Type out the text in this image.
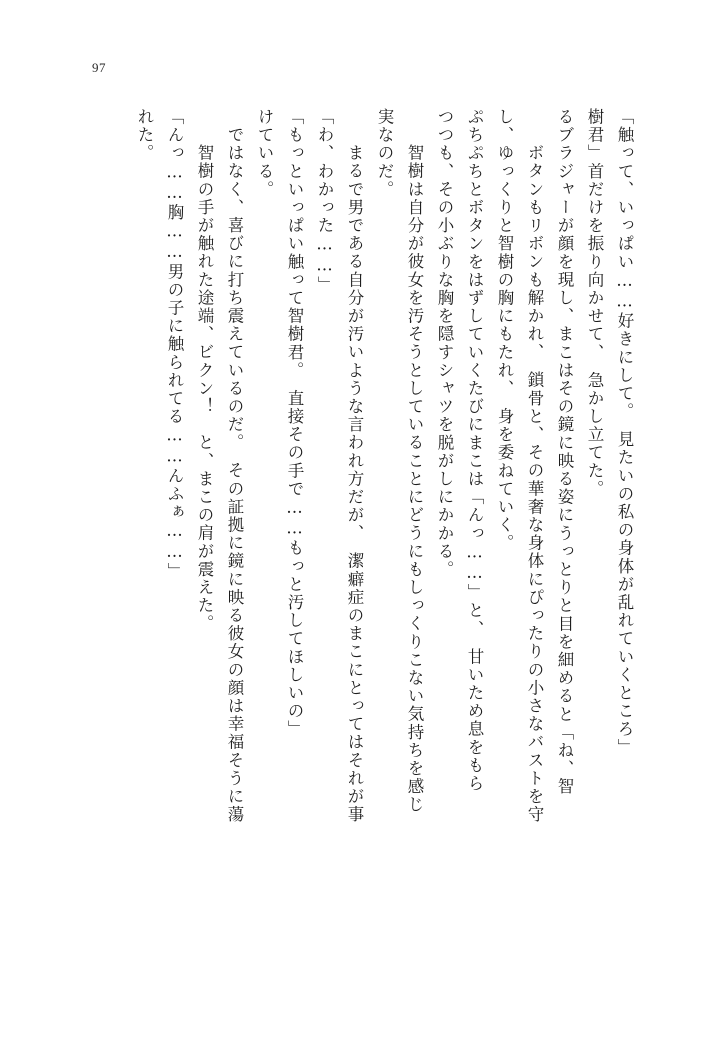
97
れた。 「んっ……胸……男の子に触られてる……んふぁ……」 　智樹の手が触れた途端、ビクン！　と、まこの肩が震えた。 ではなく、喜びに打ち震えているのだ。　その証拠に鏡に映る彼女の顔は幸福そうに蕩 けている。 「もっといっぱい触って智樹君。　直接その手で……もっと汚してほしいの」 「わ、わかった……」 　まるで男である自分が汚いような言われ方だが、　潔癖症のまこにとってはそれが事 実なのだ。 　智樹は自分が彼女を汚そうとしていることにどうにもしっくりこない気持ちを感じ つつも、その小ぶりな胸を隠すシャツを脱がしにかかる。 ぷちぷちとボタンをはずしていくたびにまこは「んっ……」と、　甘いため息をもら し、ゆっくりと智樹の胸にもたれ、　身を委ねていく。 　ボタンもリボンも解かれ、　鎖骨と、その華奢な身体にぴったりの小さなバストを守 るブラジャーが顔を現し、まこはその鏡に映る姿にうっとりと目を細めると「ね、智 樹君」首だけを振り向かせて、　急かし立てた。 「触って、いっぱい……好きにして。　見たいの私の身体が乱れていくところ」
